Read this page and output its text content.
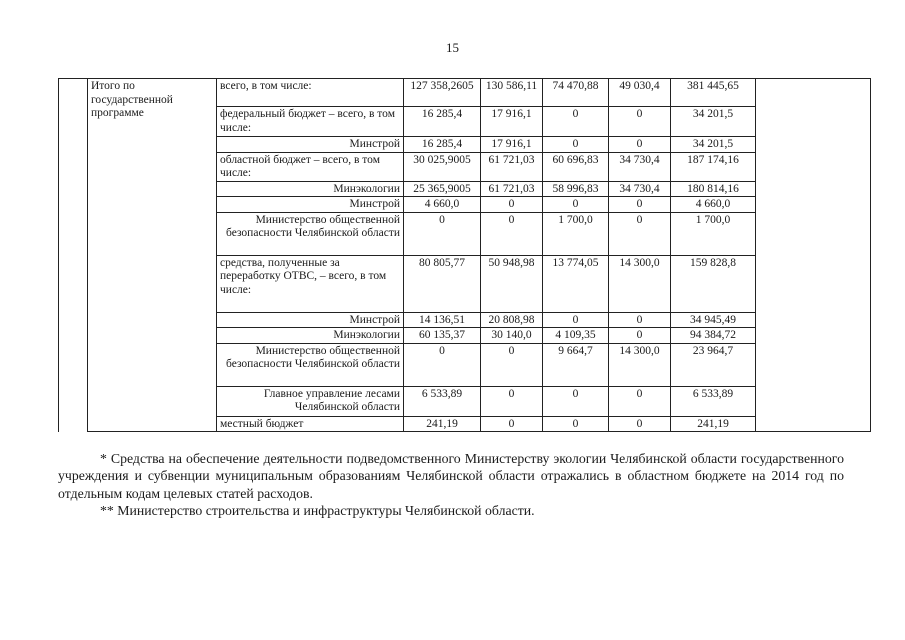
15
	Итого по государственной программе	всего, в том числе:	127 358,2605	130 586,11	74 470,88	49 030,4	381 445,65	
		федеральный бюджет – всего, в том числе:	16 285,4	17 916,1	0	0	34 201,5	
		Минстрой	16 285,4	17 916,1	0	0	34 201,5	
		областной бюджет – всего, в том числе:	30 025,9005	61 721,03	60 696,83	34 730,4	187 174,16	
		Минэкологии	25 365,9005	61 721,03	58 996,83	34 730,4	180 814,16	
		Минстрой	4 660,0	0	0	0	4 660,0	
		Министерство общественной безопасности Челябинской области	0	0	1 700,0	0	1 700,0	
		средства, полученные за переработку ОТВС, – всего, в том числе:	80 805,77	50 948,98	13 774,05	14 300,0	159 828,8	
		Минстрой	14 136,51	20 808,98	0	0	34 945,49	
		Минэкологии	60 135,37	30 140,0	4 109,35	0	94 384,72	
		Министерство общественной безопасности Челябинской области	0	0	9 664,7	14 300,0	23 964,7	
		Главное управление лесами Челябинской области	6 533,89	0	0	0	6 533,89	
		местный бюджет	241,19	0	0	0	241,19	

* Средства на обеспечение деятельности подведомственного Министерству экологии Челябинской области государственного учреждения и субвенции муниципальным образованиям Челябинской области отражались в областном бюджете на 2014 год по отдельным кодам целевых статей расходов.

** Министерство строительства и инфраструктуры Челябинской области.
